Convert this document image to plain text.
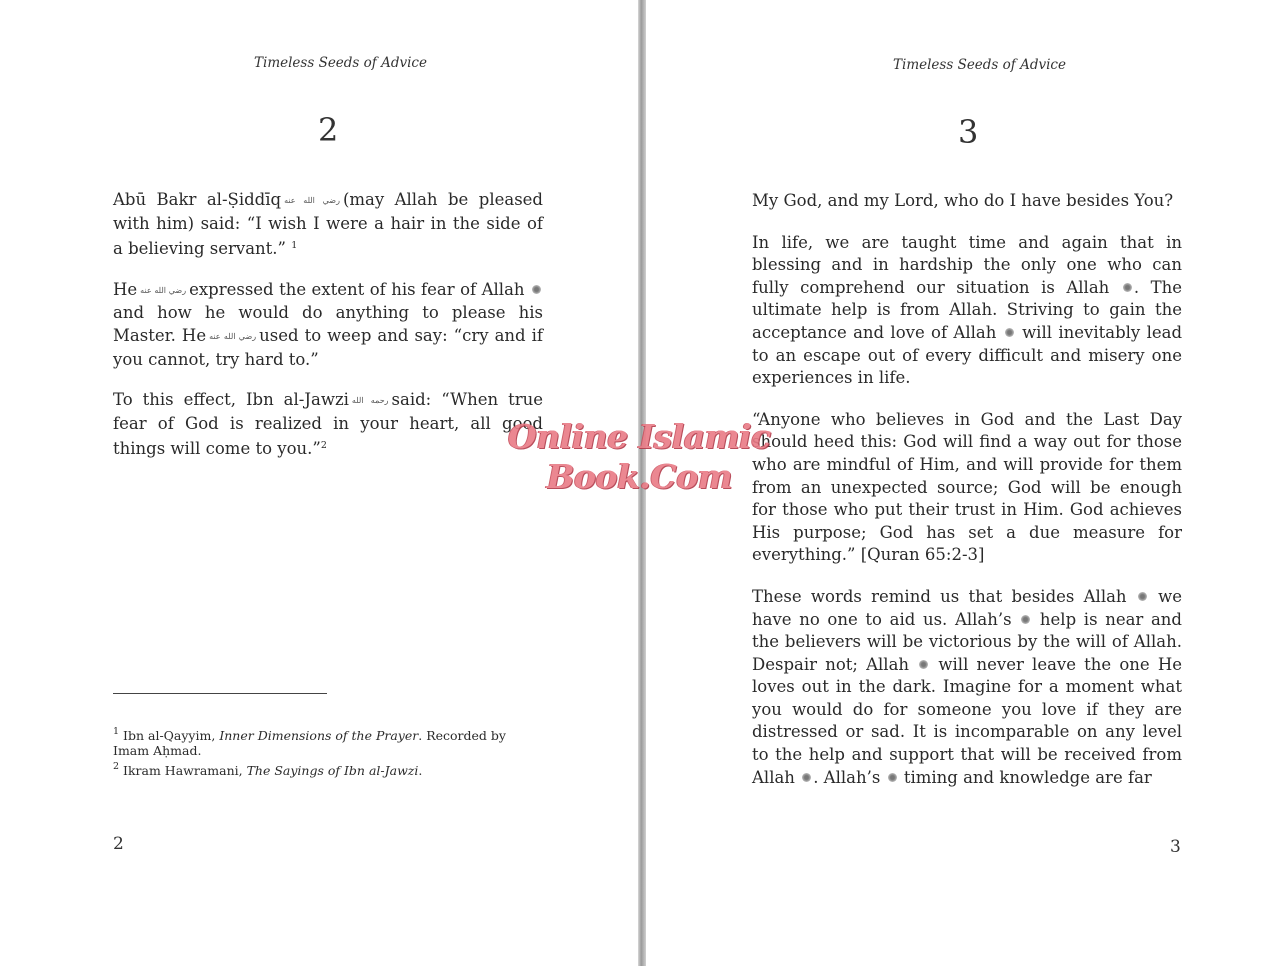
Timeless Seeds of Advice
2

Abū Bakr al-Ṣiddīq رضي الله عنه (may Allah be pleased with him) said: “I wish I were a hair in the side of a believing servant.” $^1$

He رضي الله عنه expressed the extent of his fear of Allah  and how he would do anything to please his Master. He رضي الله عنه used to weep and say: “cry and if you cannot, try hard to.”

To this effect, Ibn al-Jawzi رحمه الله said: “When true fear of God is realized in your heart, all good things will come to you.”$^2$

$^1$ Ibn al-Qayyim, Inner Dimensions of the Prayer. Recorded by Imam Aḥmad.
$^2$ Ikram Hawramani, The Sayings of Ibn al-Jawzi.
2
Timeless Seeds of Advice
3

My God, and my Lord, who do I have besides You?

In life, we are taught time and again that in blessing and in hardship the only one who can fully comprehend our situation is Allah . The ultimate help is from Allah. Striving to gain the acceptance and love of Allah will inevitably lead to an escape out of every difficult and misery one experiences in life.

“Anyone who believes in God and the Last Day should heed this: God will find a way out for those who are mindful of Him, and will provide for them from an unexpected source; God will be enough for those who put their trust in Him. God achieves His purpose; God has set a due measure for everything.” [Quran 65:2-3]

These words remind us that besides Allah we have no one to aid us. Allah’s help is near and the believers will be victorious by the will of Allah. Despair not; Allah will never leave the one He loves out in the dark. Imagine for a moment what you would do for someone you love if they are distressed or sad. It is incomparable on any level to the help and support that will be received from Allah . Allah’s timing and knowledge are far

3
Online Islamic
Book.Com
